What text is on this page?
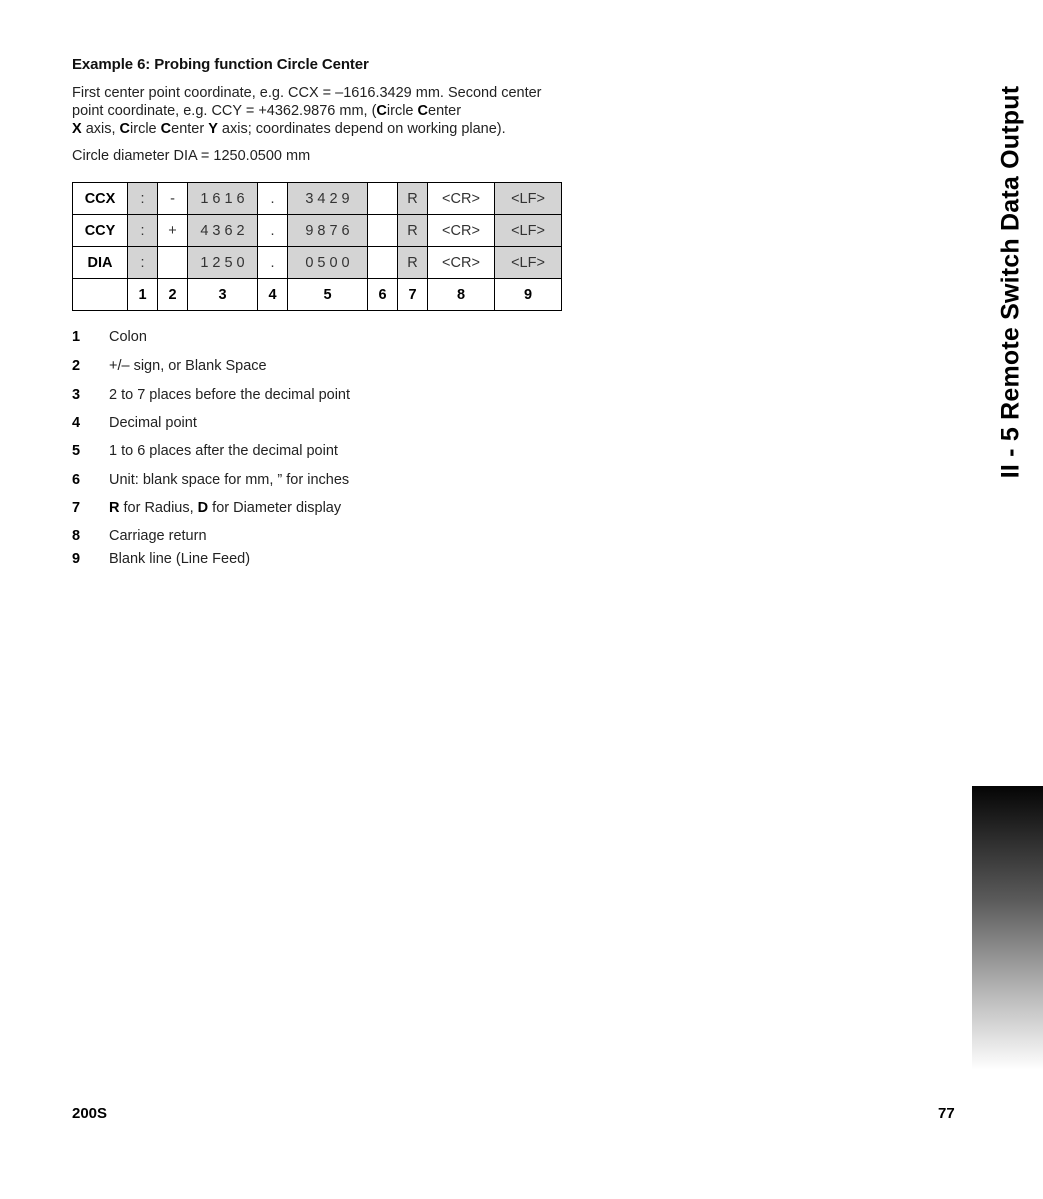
Example 6: Probing function Circle Center
First center point coordinate, e.g. CCX = –1616.3429 mm. Second center point coordinate, e.g. CCY = +4362.9876 mm, (Circle Center
X axis, Circle Center Y axis; coordinates depend on working plane).
Circle diameter DIA = 1250.0500 mm
CCX	:	-	1616	.	3429		R	<CR>	<LF>
CCY	:	+	4362	.	9876		R	<CR>	<LF>
DIA	:		1250	.	0500		R	<CR>	<LF>
	1	2	3	4	5	6	7	8	9
1 Colon
2 +/– sign, or Blank Space
3 2 to 7 places before the decimal point
4 Decimal point
5 1 to 6 places after the decimal point
6 Unit: blank space for mm, ” for inches
7 R for Radius, D for Diameter display
8 Carriage return
9 Blank line (Line Feed)
II - 5 Remote Switch Data Output
200S	77
